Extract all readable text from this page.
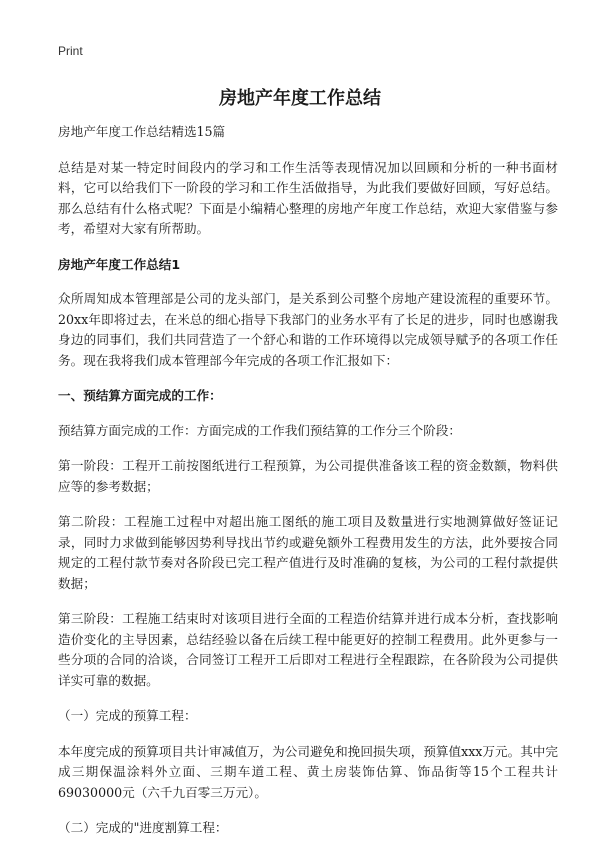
Print
房地产年度工作总结

房地产年度工作总结精选15篇

总结是对某一特定时间段内的学习和工作生活等表现情况加以回顾和分析的一种书面材料，它可以给我们下一阶段的学习和工作生活做指导，为此我们要做好回顾，写好总结。那么总结有什么格式呢？下面是小编精心整理的房地产年度工作总结，欢迎大家借鉴与参考，希望对大家有所帮助。

房地产年度工作总结1

众所周知成本管理部是公司的龙头部门，是关系到公司整个房地产建设流程的重要环节。20xx年即将过去，在米总的细心指导下我部门的业务水平有了长足的进步，同时也感谢我身边的同事们，我们共同营造了一个舒心和谐的工作环境得以完成领导赋予的各项工作任务。现在我将我们成本管理部今年完成的各项工作汇报如下：

一、预结算方面完成的工作：

预结算方面完成的工作：方面完成的工作我们预结算的工作分三个阶段：

第一阶段：工程开工前按图纸进行工程预算，为公司提供准备该工程的资金数额，物料供应等的参考数据；

第二阶段：工程施工过程中对超出施工图纸的施工项目及数量进行实地测算做好签证记录，同时力求做到能够因势利导找出节约或避免额外工程费用发生的方法，此外要按合同规定的工程付款节奏对各阶段已完工程产值进行及时准确的复核，为公司的工程付款提供数据；

第三阶段：工程施工结束时对该项目进行全面的工程造价结算并进行成本分析，查找影响造价变化的主导因素，总结经验以备在后续工程中能更好的控制工程费用。此外更参与一些分项的合同的洽谈，合同签订工程开工后即对工程进行全程跟踪，在各阶段为公司提供详实可靠的数据。

（一）完成的预算工程：

本年度完成的预算项目共计审减值万，为公司避免和挽回损失项，预算值xxx万元。其中完成三期保温涂料外立面、三期车道工程、黄土房装饰估算、饰品街等15个工程共计69030000元（六千九百零三万元）。

（二）完成的"进度割算工程：
